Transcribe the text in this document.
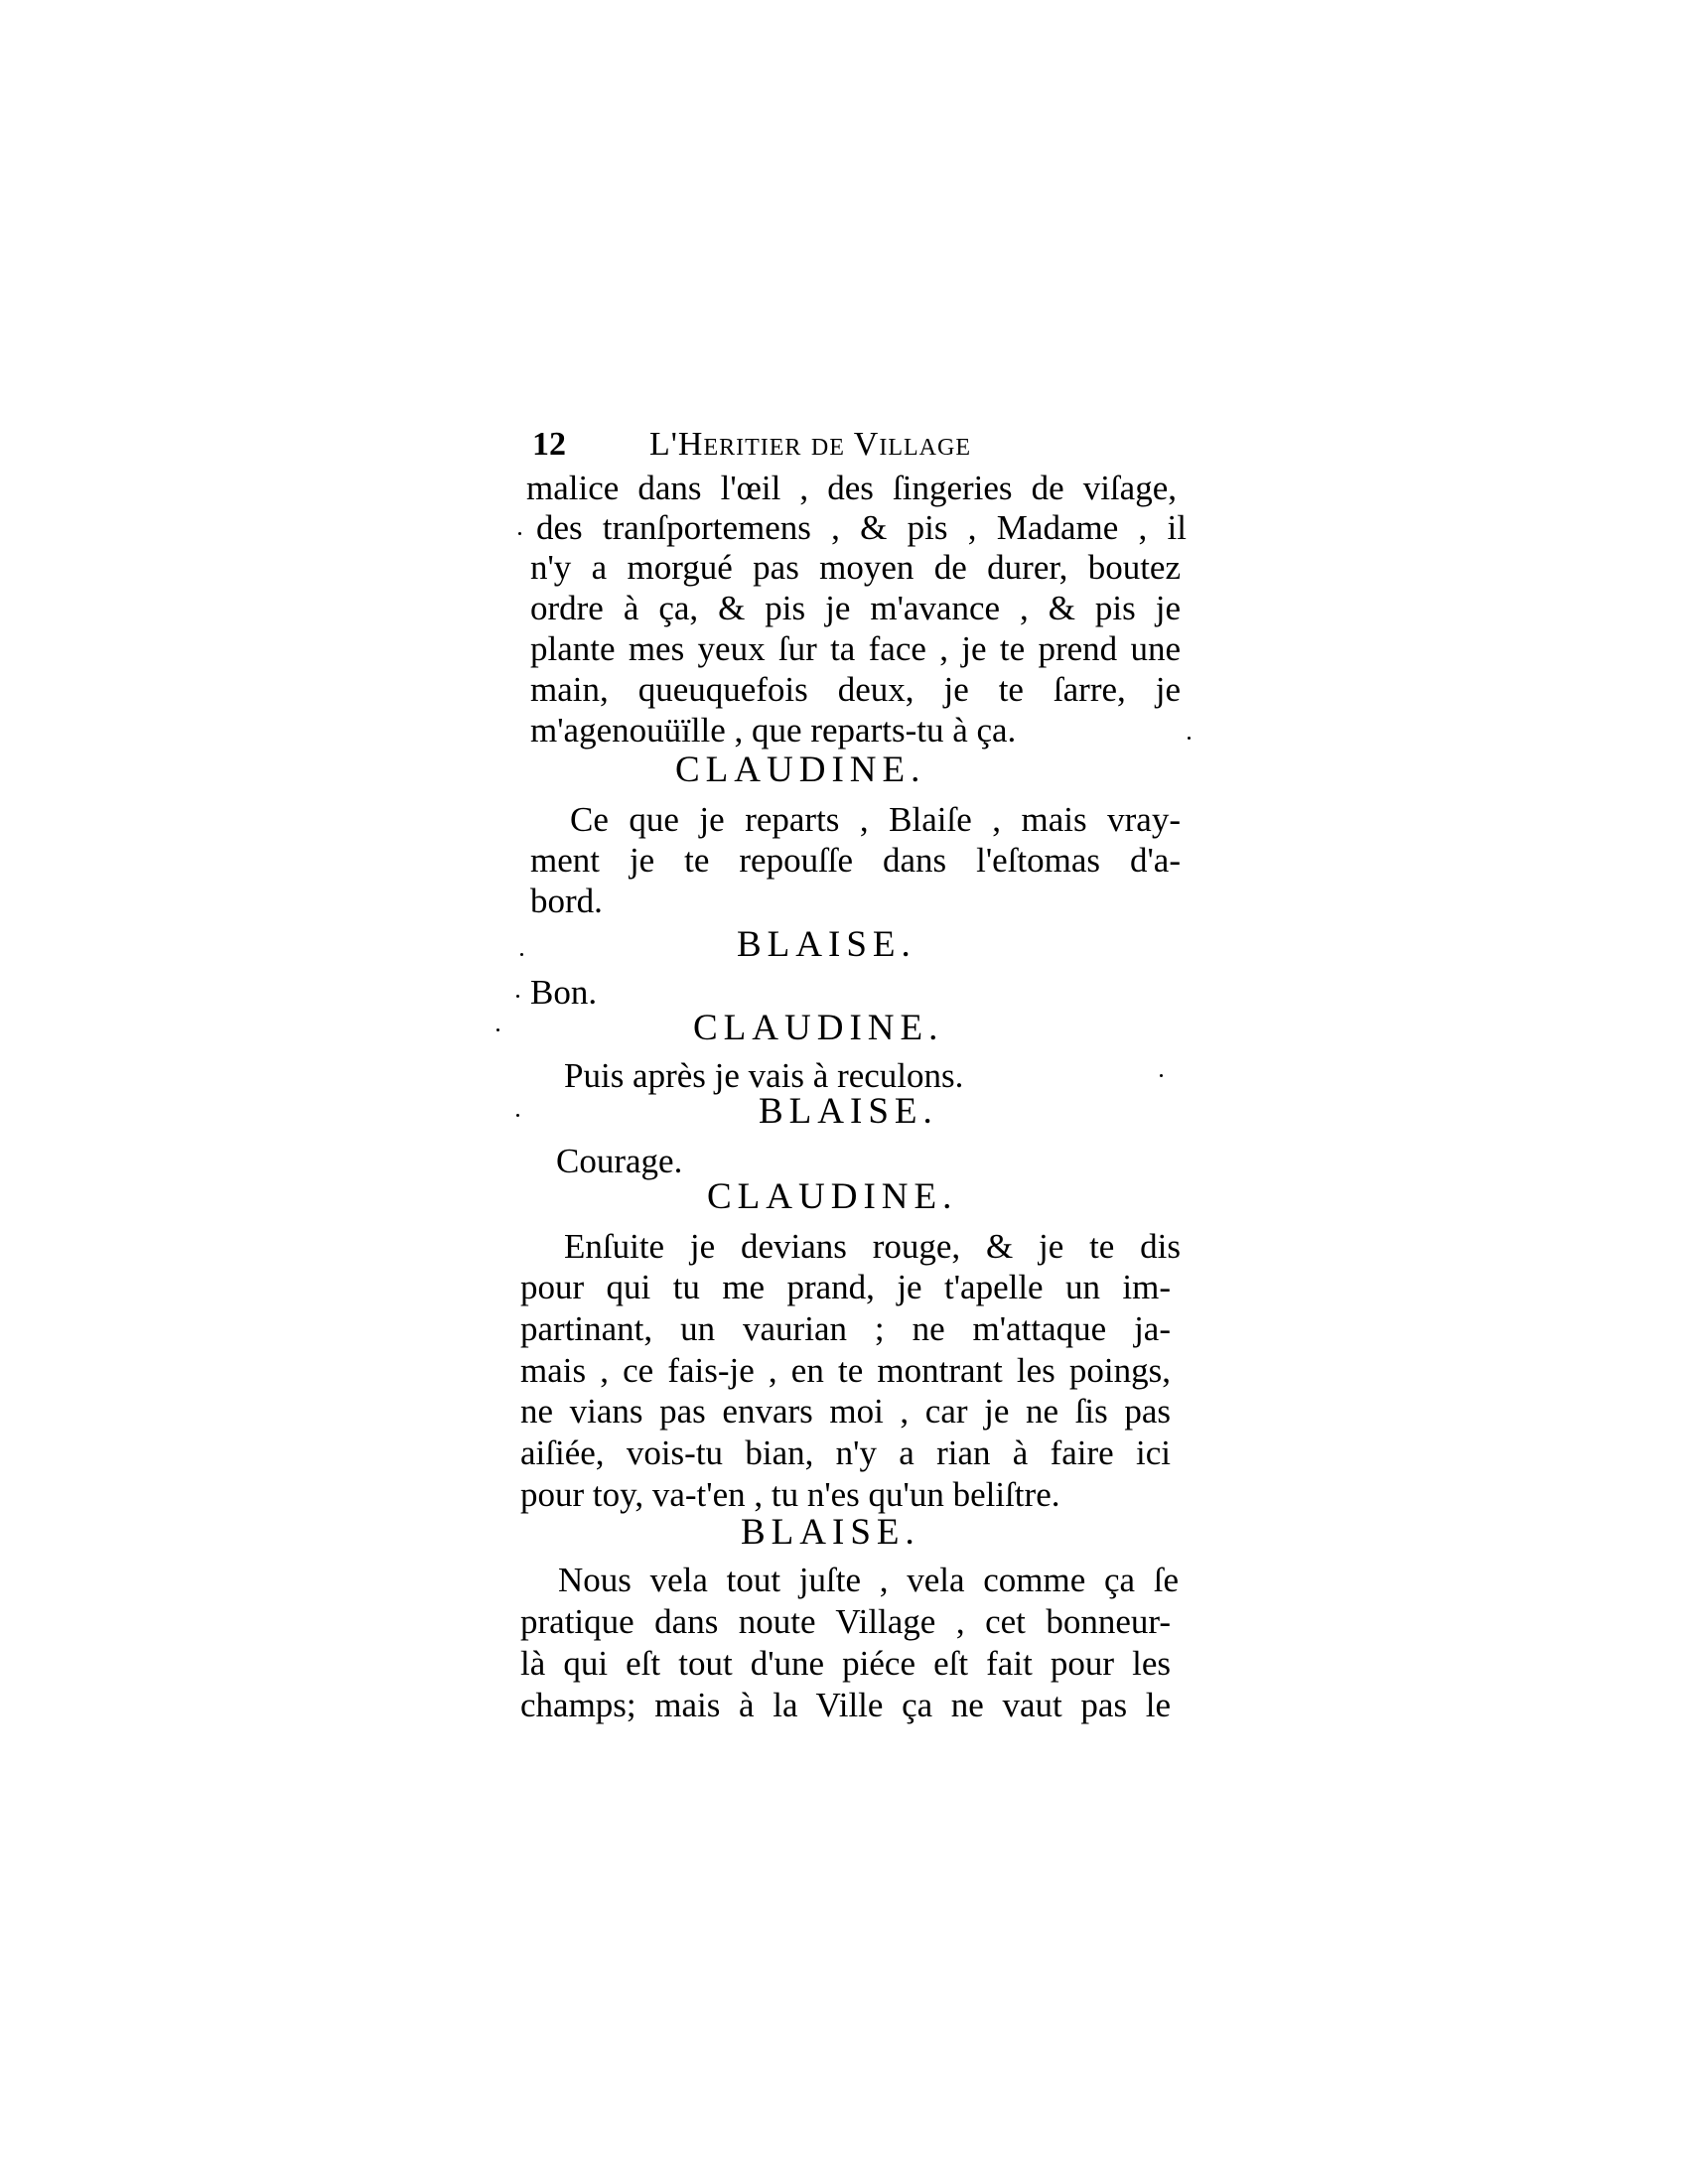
12 L'Heritier de Village
malice dans l'œil , des ſingeries de viſage,
des tranſportemens , & pis , Madame , il
n'y a morgué pas moyen de durer, boutez
ordre à ça, & pis je m'avance , & pis je
plante mes yeux ſur ta face , je te prend une
main, queuquefois deux, je te ſarre, je
m'agenouüïlle , que reparts-tu à ça.
CLAUDINE.
Ce que je reparts , Blaiſe , mais vray-
ment je te repouſſe dans l'eſtomas d'a-
bord.
BLAISE.
Bon.
CLAUDINE.
Puis après je vais à reculons.
BLAISE.
Courage.
CLAUDINE.
Enſuite je devians rouge, & je te dis
pour qui tu me prand, je t'apelle un im-
partinant, un vaurian ; ne m'attaque ja-
mais , ce fais-je , en te montrant les poings,
ne vians pas envars moi , car je ne ſis pas
aiſiée, vois-tu bian, n'y a rian à faire ici
pour toy, va-t'en , tu n'es qu'un beliſtre.
BLAISE.
Nous vela tout juſte , vela comme ça ſe
pratique dans noute Village , cet bonneur-
là qui eſt tout d'une piéce eſt fait pour les
champs; mais à la Ville ça ne vaut pas le
